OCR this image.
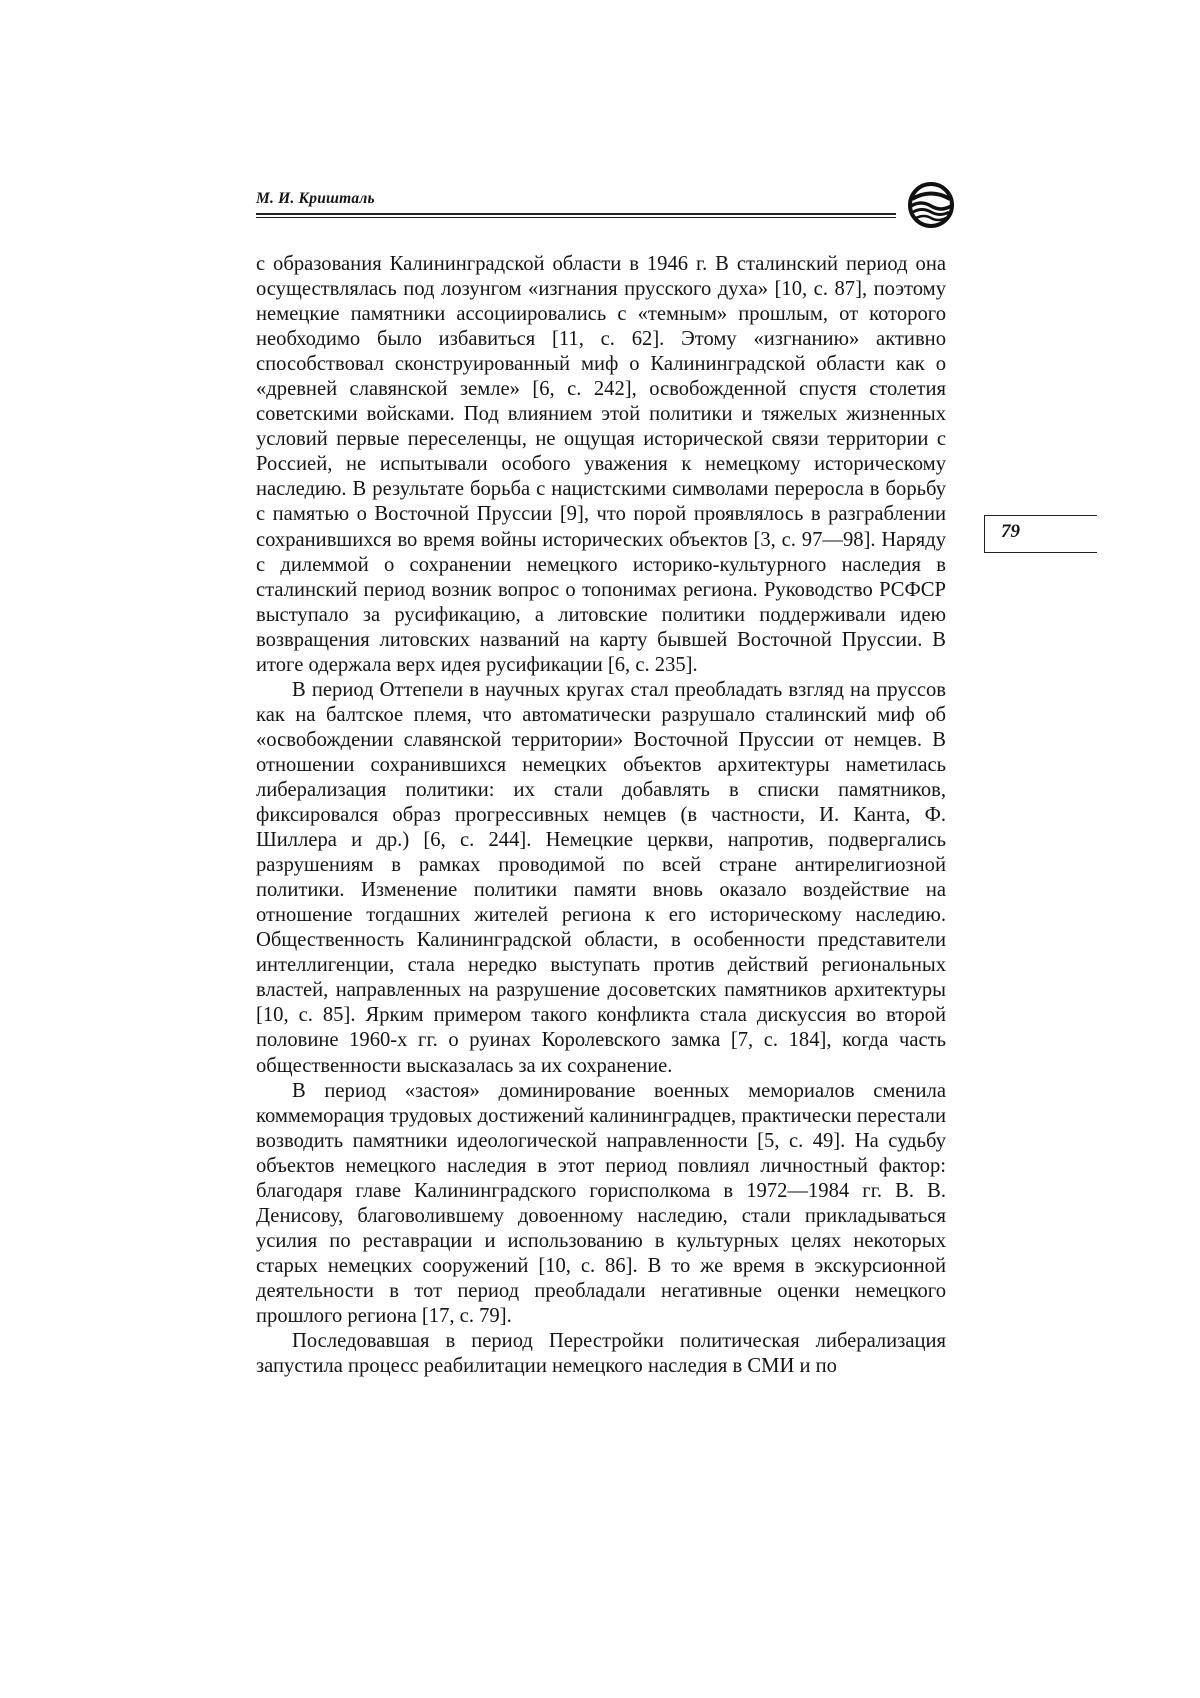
М. И. Кришталь
79

с образования Калининградской области в 1946 г. В сталинский период она осуществлялась под лозунгом «изгнания прусского духа» [10, с. 87], поэтому немецкие памятники ассоциировались с «темным» прошлым, от которого необходимо было избавиться [11, с. 62]. Этому «изгнанию» активно способствовал сконструированный миф о Калининградской области как о «древней славянской земле» [6, с. 242], освобожденной спустя столетия советскими войсками. Под влиянием этой политики и тяжелых жизненных условий первые переселенцы, не ощущая исторической связи территории с Россией, не испытывали особого уважения к немецкому историческому наследию. В результате борьба с нацистскими символами переросла в борьбу с памятью о Восточной Пруссии [9], что порой проявлялось в разграблении сохранившихся во время войны исторических объектов [3, с. 97—98]. Наряду с дилеммой о сохранении немецкого историко-культурного наследия в сталинский период возник вопрос о топонимах региона. Руководство РСФСР выступало за русификацию, а литовские политики поддерживали идею возвращения литовских названий на карту бывшей Восточной Пруссии. В итоге одержала верх идея русификации [6, с. 235].

В период Оттепели в научных кругах стал преобладать взгляд на пруссов как на балтское племя, что автоматически разрушало сталинский миф об «освобождении славянской территории» Восточной Пруссии от немцев. В отношении сохранившихся немецких объектов архитектуры наметилась либерализация политики: их стали добавлять в списки памятников, фиксировался образ прогрессивных немцев (в частности, И. Канта, Ф. Шиллера и др.) [6, с. 244]. Немецкие церкви, напротив, подвергались разрушениям в рамках проводимой по всей стране антирелигиозной политики. Изменение политики памяти вновь оказало воздействие на отношение тогдашних жителей региона к его историческому наследию. Общественность Калининградской области, в особенности представители интеллигенции, стала нередко выступать против действий региональных властей, направленных на разрушение досоветских памятников архитектуры [10, с. 85]. Ярким примером такого конфликта стала дискуссия во второй половине 1960-х гг. о руинах Королевского замка [7, с. 184], когда часть общественности высказалась за их сохранение.

В период «застоя» доминирование военных мемориалов сменила коммеморация трудовых достижений калининградцев, практически перестали возводить памятники идеологической направленности [5, с. 49]. На судьбу объектов немецкого наследия в этот период повлиял личностный фактор: благодаря главе Калининградского горисполкома в 1972—1984 гг. В. В. Денисову, благоволившему довоенному наследию, стали прикладываться усилия по реставрации и использованию в культурных целях некоторых старых немецких сооружений [10, с. 86]. В то же время в экскурсионной деятельности в тот период преобладали негативные оценки немецкого прошлого региона [17, с. 79].

Последовавшая в период Перестройки политическая либерализация запустила процесс реабилитации немецкого наследия в СМИ и по
